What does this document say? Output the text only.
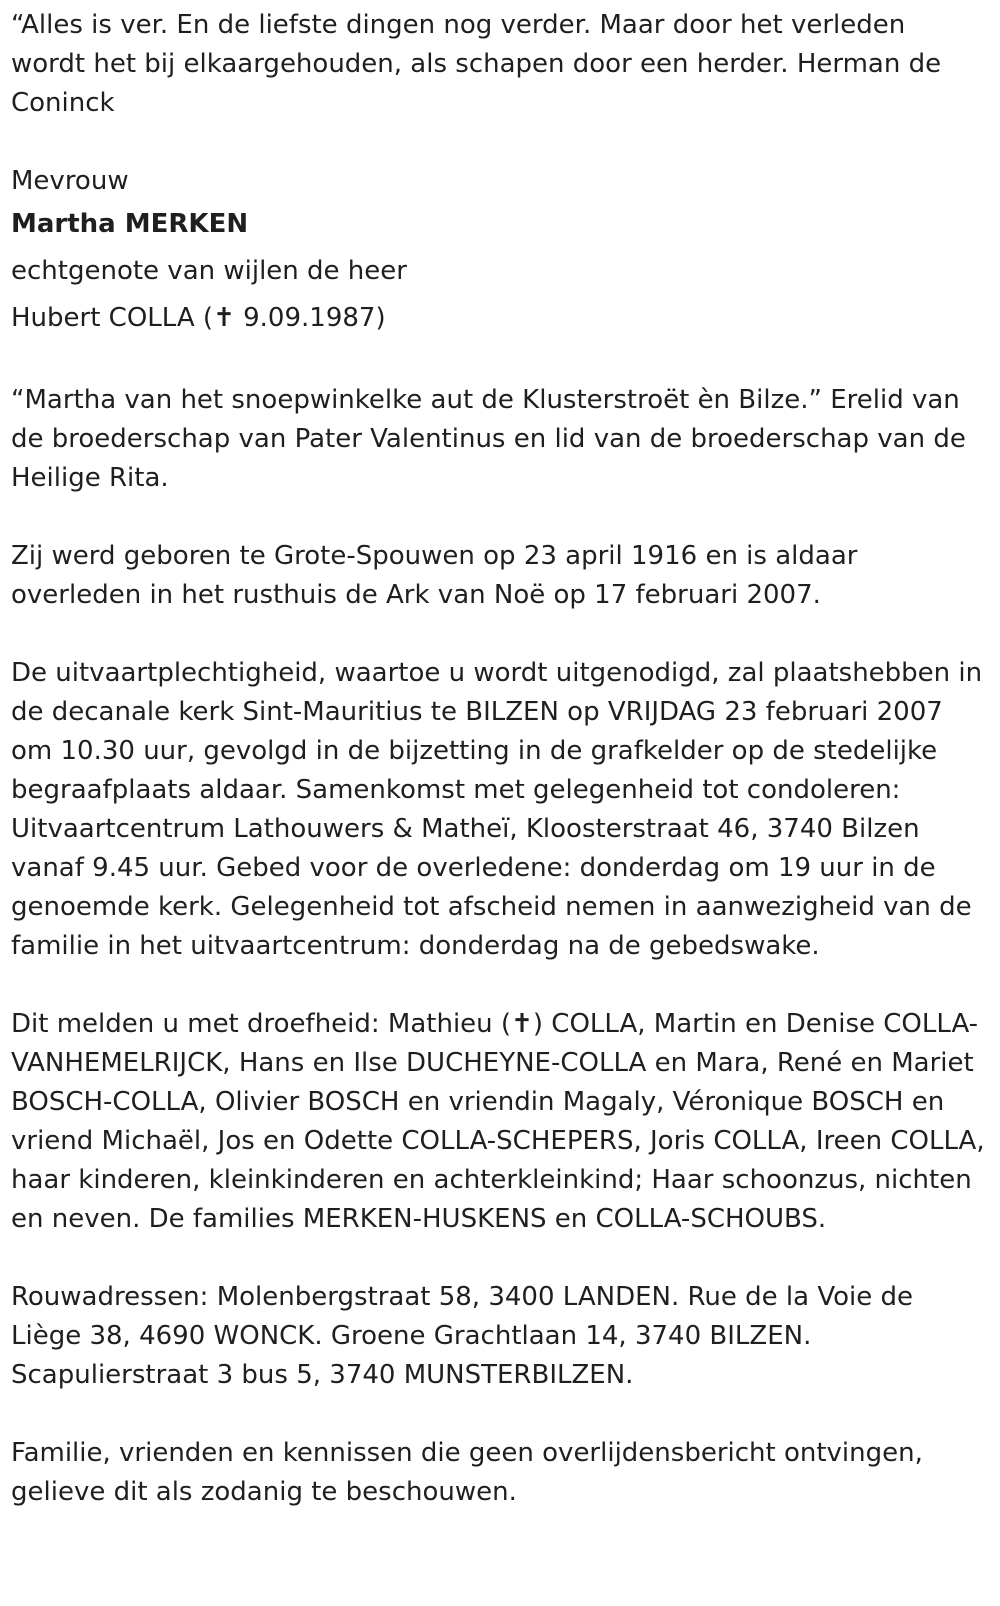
“Alles is ver. En de liefste dingen nog verder. Maar door het verleden wordt het bij elkaargehouden, als schapen door een herder. Herman de Coninck

Mevrouw

Martha MERKEN

echtgenote van wijlen de heer

Hubert COLLA (✝ 9.09.1987)

“Martha van het snoepwinkelke aut de Klusterstroët èn Bilze.” Erelid van de broederschap van Pater Valentinus en lid van de broederschap van de Heilige Rita.

Zij werd geboren te Grote-Spouwen op 23 april 1916 en is aldaar overleden in het rusthuis de Ark van Noë op 17 februari 2007.

De uitvaartplechtigheid, waartoe u wordt uitgenodigd, zal plaatshebben in de decanale kerk Sint-Mauritius te BILZEN op VRIJDAG 23 februari 2007 om 10.30 uur, gevolgd in de bijzetting in de grafkelder op de stedelijke begraafplaats aldaar. Samenkomst met gelegenheid tot condoleren: Uitvaartcentrum Lathouwers & Matheï, Kloosterstraat 46, 3740 Bilzen vanaf 9.45 uur. Gebed voor de overledene: donderdag om 19 uur in de genoemde kerk. Gelegenheid tot afscheid nemen in aanwezigheid van de familie in het uitvaartcentrum: donderdag na de gebedswake.

Dit melden u met droefheid: Mathieu (✝) COLLA, Martin en Denise COLLA-VANHEMELRIJCK, Hans en Ilse DUCHEYNE-COLLA en Mara, René en Mariet BOSCH-COLLA, Olivier BOSCH en vriendin Magaly, Véronique BOSCH en vriend Michaël, Jos en Odette COLLA-SCHEPERS, Joris COLLA, Ireen COLLA, haar kinderen, kleinkinderen en achterkleinkind; Haar schoonzus, nichten en neven. De families MERKEN-HUSKENS en COLLA-SCHOUBS.

Rouwadressen: Molenbergstraat 58, 3400 LANDEN. Rue de la Voie de Liège 38, 4690 WONCK. Groene Grachtlaan 14, 3740 BILZEN. Scapulierstraat 3 bus 5, 3740 MUNSTERBILZEN.

Familie, vrienden en kennissen die geen overlijdensbericht ontvingen, gelieve dit als zodanig te beschouwen.
